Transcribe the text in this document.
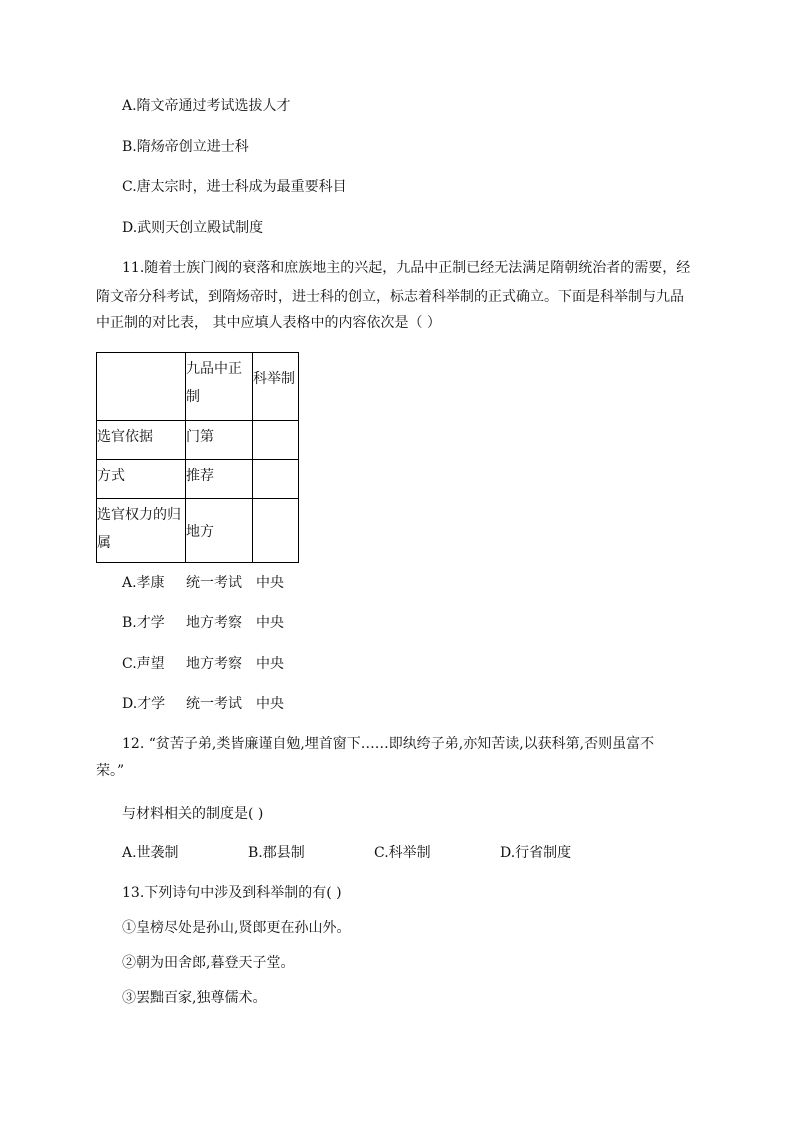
A.隋文帝通过考试选拔人才
B.隋炀帝创立进士科
C.唐太宗时，进士科成为最重要科目
D.武则天创立殿试制度
11.随着士族门阀的衰落和庶族地主的兴起，九品中正制已经无法满足隋朝统治者的需要，经
隋文帝分科考试，到隋炀帝时，进士科的创立，标志着科举制的正式确立。下面是科举制与九品
中正制的对比表， 其中应填人表格中的内容依次是（ ）
	九品中正制	科举制
选官依据	门第	
方式	推荐	
选官权力的归属	地方	
A.孝康 统一考试 中央
B.才学 地方考察 中央
C.声望 地方考察 中央
D.才学 统一考试 中央
12. “贫苦子弟,类皆廉谨自勉,埋首窗下……即纨绔子弟,亦知苦读,以获科第,否则虽富不
荣。”
与材料相关的制度是( )
A.世袭制	B.郡县制	C.科举制	D.行省制度
13.下列诗句中涉及到科举制的有( )
①皇榜尽处是孙山,贤郎更在孙山外。
②朝为田舍郎,暮登天子堂。
③罢黜百家,独尊儒术。
